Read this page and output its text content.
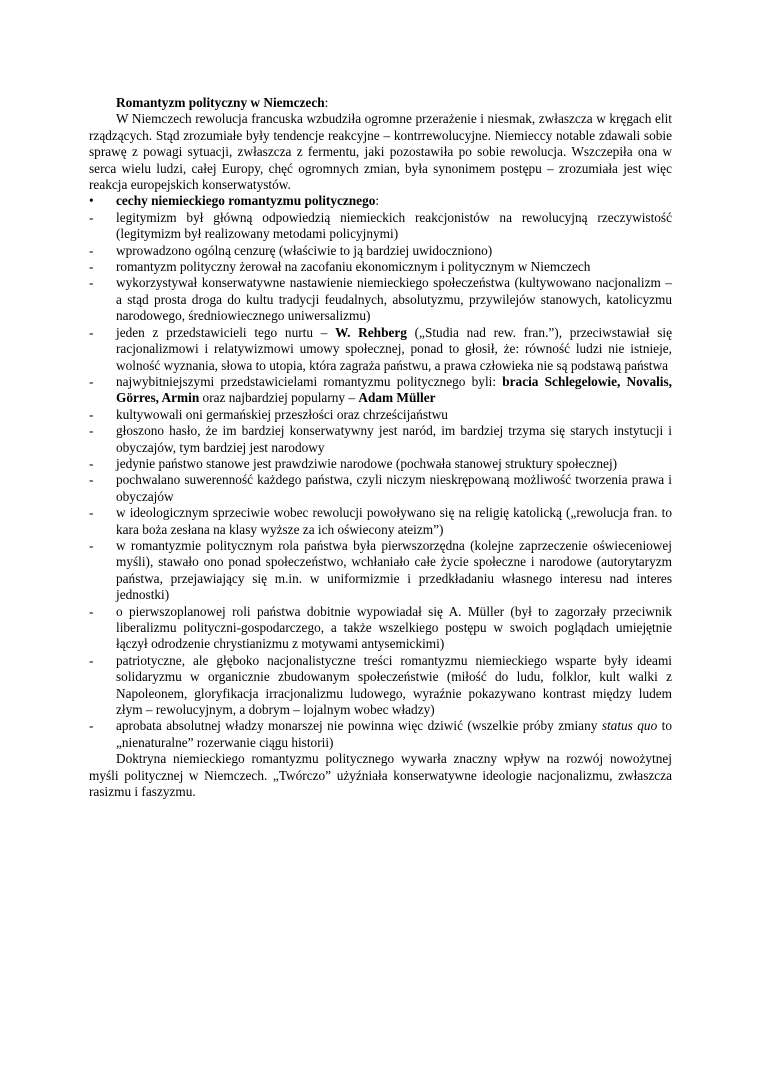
Romantyzm polityczny w Niemczech:

W Niemczech rewolucja francuska wzbudziła ogromne przerażenie i niesmak, zwłaszcza w kręgach elit rządzących. Stąd zrozumiałe były tendencje reakcyjne – kontrrewolucyjne. Niemieccy notable zdawali sobie sprawę z powagi sytuacji, zwłaszcza z fermentu, jaki pozostawiła po sobie rewolucja. Wszczepiła ona w serca wielu ludzi, całej Europy, chęć ogromnych zmian, była synonimem postępu – zrozumiała jest więc reakcja europejskich konserwatystów.

• cechy niemieckiego romantyzmu politycznego:

- legitymizm był główną odpowiedzią niemieckich reakcjonistów na rewolucyjną rzeczywistość (legitymizm był realizowany metodami policyjnymi)
- wprowadzono ogólną cenzurę (właściwie to ją bardziej uwidoczniono)
- romantyzm polityczny żerował na zacofaniu ekonomicznym i politycznym w Niemczech
- wykorzystywał konserwatywne nastawienie niemieckiego społeczeństwa (kultywowano nacjonalizm – a stąd prosta droga do kultu tradycji feudalnych, absolutyzmu, przywilejów stanowych, katolicyzmu narodowego, średniowiecznego uniwersalizmu)
- jeden z przedstawicieli tego nurtu – W. Rehberg („Studia nad rew. fran.”), przeciwstawiał się racjonalizmowi i relatywizmowi umowy społecznej, ponad to głosił, że: równość ludzi nie istnieje, wolność wyznania, słowa to utopia, która zagraża państwu, a prawa człowieka nie są podstawą państwa
- najwybitniejszymi przedstawicielami romantyzmu politycznego byli: bracia Schlegelowie, Novalis, Görres, Armin oraz najbardziej popularny – Adam Müller
- kultywowali oni germańskiej przeszłości oraz chrześcijaństwu
- głoszono hasło, że im bardziej konserwatywny jest naród, im bardziej trzyma się starych instytucji i obyczajów, tym bardziej jest narodowy
- jedynie państwo stanowe jest prawdziwie narodowe (pochwała stanowej struktury społecznej)
- pochwalano suwerenność każdego państwa, czyli niczym nieskrępowaną możliwość tworzenia prawa i obyczajów
- w ideologicznym sprzeciwie wobec rewolucji powoływano się na religię katolicką („rewolucja fran. to kara boża zesłana na klasy wyższe za ich oświecony ateizm”)
- w romantyzmie politycznym rola państwa była pierwszorzędna (kolejne zaprzeczenie oświeceniowej myśli), stawało ono ponad społeczeństwo, wchłaniało całe życie społeczne i narodowe (autorytaryzm państwa, przejawiający się m.in. w uniformizmie i przedkładaniu własnego interesu nad interes jednostki)
- o pierwszoplanowej roli państwa dobitnie wypowiadał się A. Müller (był to zagorzały przeciwnik liberalizmu polityczni-gospodarczego, a także wszelkiego postępu w swoich poglądach umiejętnie łączył odrodzenie chrystianizmu z motywami antysemickimi)
- patriotyczne, ale głęboko nacjonalistyczne treści romantyzmu niemieckiego wsparte były ideami solidaryzmu w organicznie zbudowanym społeczeństwie (miłość do ludu, folklor, kult walki z Napoleonem, gloryfikacja irracjonalizmu ludowego, wyraźnie pokazywano kontrast między ludem złym – rewolucyjnym, a dobrym – lojalnym wobec władzy)
- aprobata absolutnej władzy monarszej nie powinna więc dziwić (wszelkie próby zmiany status quo to „nienaturalne” rozerwanie ciągu historii)

Doktryna niemieckiego romantyzmu politycznego wywarła znaczny wpływ na rozwój nowożytnej myśli politycznej w Niemczech. „Twórczo” użyźniała konserwatywne ideologie nacjonalizmu, zwłaszcza rasizmu i faszyzmu.
